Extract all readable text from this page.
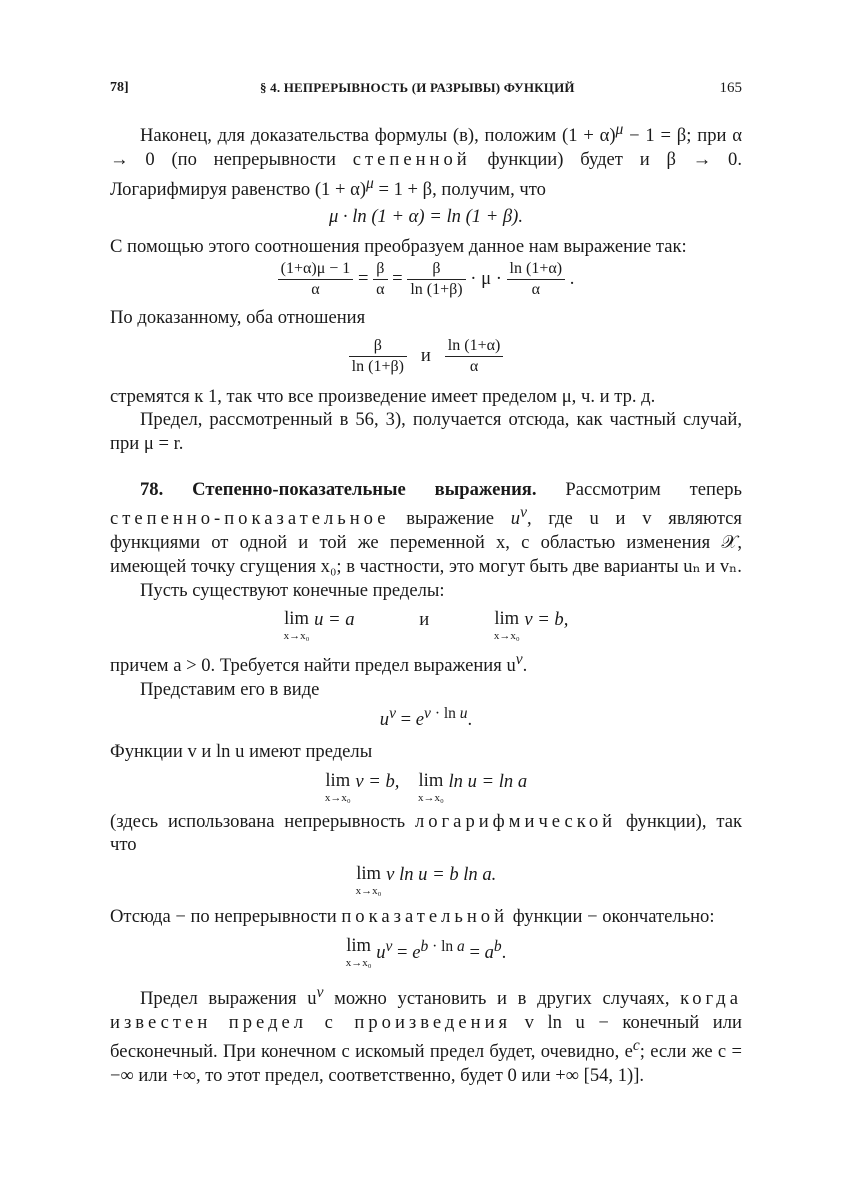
78]	§ 4. НЕПРЕРЫВНОСТЬ (И РАЗРЫВЫ) ФУНКЦИЙ	165

Наконец, для доказательства формулы (в), положим $(1 + \alpha)^\mu - 1 = \beta$; при α → 0 (по непрерывности степенной функции) будет и β → 0. Логарифмируя равенство $(1 + \alpha)^\mu = 1 + \beta$, получим, что

μ · ln (1 + α) = ln (1 + β).

С помощью этого соотношения преобразуем данное нам выражение так:

$\frac{(1+\alpha)\mu - 1}{\alpha} = \frac{\beta}{\alpha} = \frac{\beta}{\ln (1+\beta)} \cdot \mu \cdot \frac{\ln (1+\alpha)}{\alpha}$ .

По доказанному, оба отношения

$\frac{\beta}{\ln (1+\beta)}$ и $\frac{\ln (1+\alpha)}{\alpha}$

стремятся к 1, так что все произведение имеет пределом μ, ч. и тр. д.

Предел, рассмотренный в 56, 3), получается отсюда, как частный случай, при μ = r.

78. Степенно-показательные выражения. Рассмотрим теперь степенно-показательное выражение $u^v$, где u и v являются функциями от одной и той же переменной x, с областью изменения 𝒳, имеющей точку сгущения x₀; в частности, это могут быть две варианты uₙ и vₙ.

Пусть существуют конечные пределы:

lim
x→x₀
u = a	и	lim
x→x₀
v = b,

причем a > 0. Требуется найти предел выражения $u^v$.

Представим его в виде

$u^v = e^{v \cdot ln u}$.

Функции v и ln u имеют пределы

lim
x→x₀
v = b, lim
x→x₀
ln u = ln a

(здесь использована непрерывность логарифмической функции), так что

lim
x→x₀
v ln u = b ln a.

Отсюда − по непрерывности показательной функции − окончательно:

lim
x→x₀ $u^v = e^{b \cdot ln a} = a^b$.

Предел выражения $u^v$ можно установить и в других случаях, когда известен предел c произведения v ln u − конечный или бесконечный. При конечном c искомый предел будет, очевидно, $e^c$; если же c = −∞ или +∞, то этот предел, соответственно, будет 0 или +∞ [54, 1)].
